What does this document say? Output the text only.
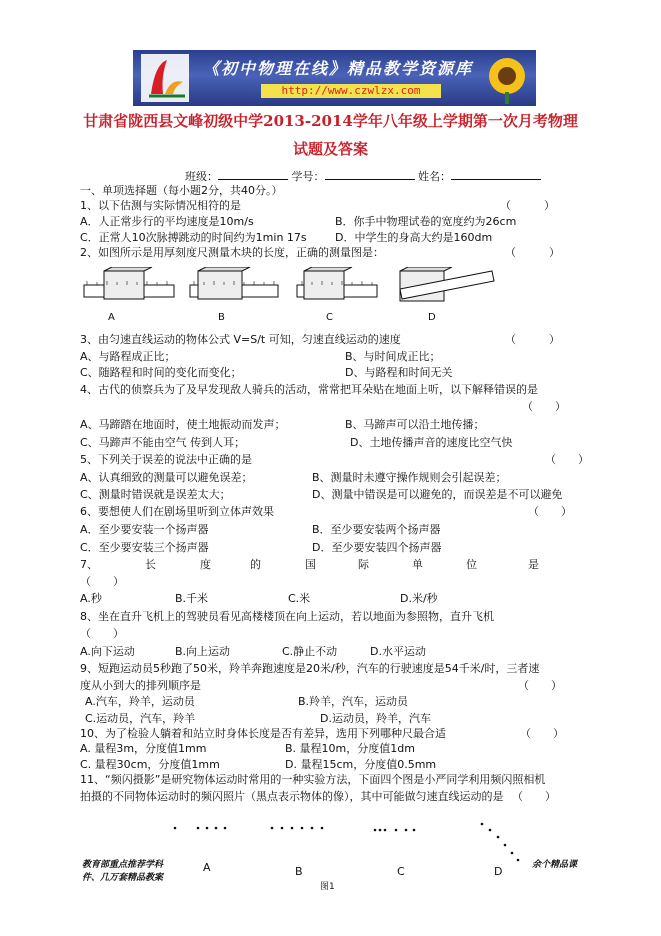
《初中物理在线》精品教学资源库
http://www.czwlzx.com
甘肃省陇西县文峰初级中学2013-2014学年八年级上学期第一次月考物理
试题及答案
班级：	学号：	姓名：
一、单项选择题（每小题2分，共40分。）
1、以下估测与实际情况相符的是	（　　　）
A．人正常步行的平均速度是10m/s	B．你手中物理试卷的宽度约为26cm
C．正常人10次脉搏跳动的时间约为1min 17s	D．中学生的身高大约是160dm
2、如图所示是用厚刻度尺测量木块的长度，正确的测量图是：	（　　　）
A	B	C	D
3、由匀速直线运动的物体公式 V=S/t 可知，匀速直线运动的速度	（　　　）
A、与路程成正比；	B、与时间成正比；
C、随路程和时间的变化而变化；	D、与路程和时间无关
4、古代的侦察兵为了及早发现敌人骑兵的活动，常常把耳朵贴在地面上听，以下解释错误的是
（　　）
A、马蹄踏在地面时，使土地振动而发声；	B、马蹄声可以沿土地传播；
C、马蹄声不能由空气 传到人耳；	D、土地传播声音的速度比空气快
5、下列关于误差的说法中正确的是	（　　）
A、认真细致的测量可以避免误差；	B、测量时未遵守操作规则会引起误差；
C、测量时错误就是误差太大；	D、测量中错误是可以避免的，而误差是不可以避免
6、要想使人们在剧场里听到立体声效果	（　　）
A．至少要安装一个扬声器	B．至少要安装两个扬声器
C．至少要安装三个扬声器	D．至少要安装四个扬声器
7、	长	度	的	国	际	单	位	是
（　　）
A.秒	B.千米	C.米	D.米/秒
8、坐在直升飞机上的驾驶员看见高楼楼顶在向上运动，若以地面为参照物，直升飞机
（　　）
A.向下运动	B.向上运动	C.静止不动	D.水平运动
9、短跑运动员5秒跑了50米，羚羊奔跑速度是20米/秒，汽车的行驶速度是54千米/时，三者速
度从小到大的排列顺序是	（　　）
A.汽车，羚羊，运动员	B.羚羊，汽车，运动员
C.运动员，汽车，羚羊	D.运动员，羚羊，汽车
10、为了检验人躺着和站立时身体长度是否有差异，选用下列哪种尺最合适	（　　）
A. 量程3m，分度值1mm	B. 量程10m，分度值1dm
C. 量程30cm，分度值1mm	D. 量程15cm，分度值0.5mm
11、“频闪摄影”是研究物体运动时常用的一种实验方法，下面四个图是小严同学利用频闪照相机
拍摄的不同物体运动时的频闪照片（黑点表示物体的像），其中可能做匀速直线运动的是 （　　）
A	B	C	D
图1
教育部重点推荐学科
件、几万套精品教案
余个精品课
